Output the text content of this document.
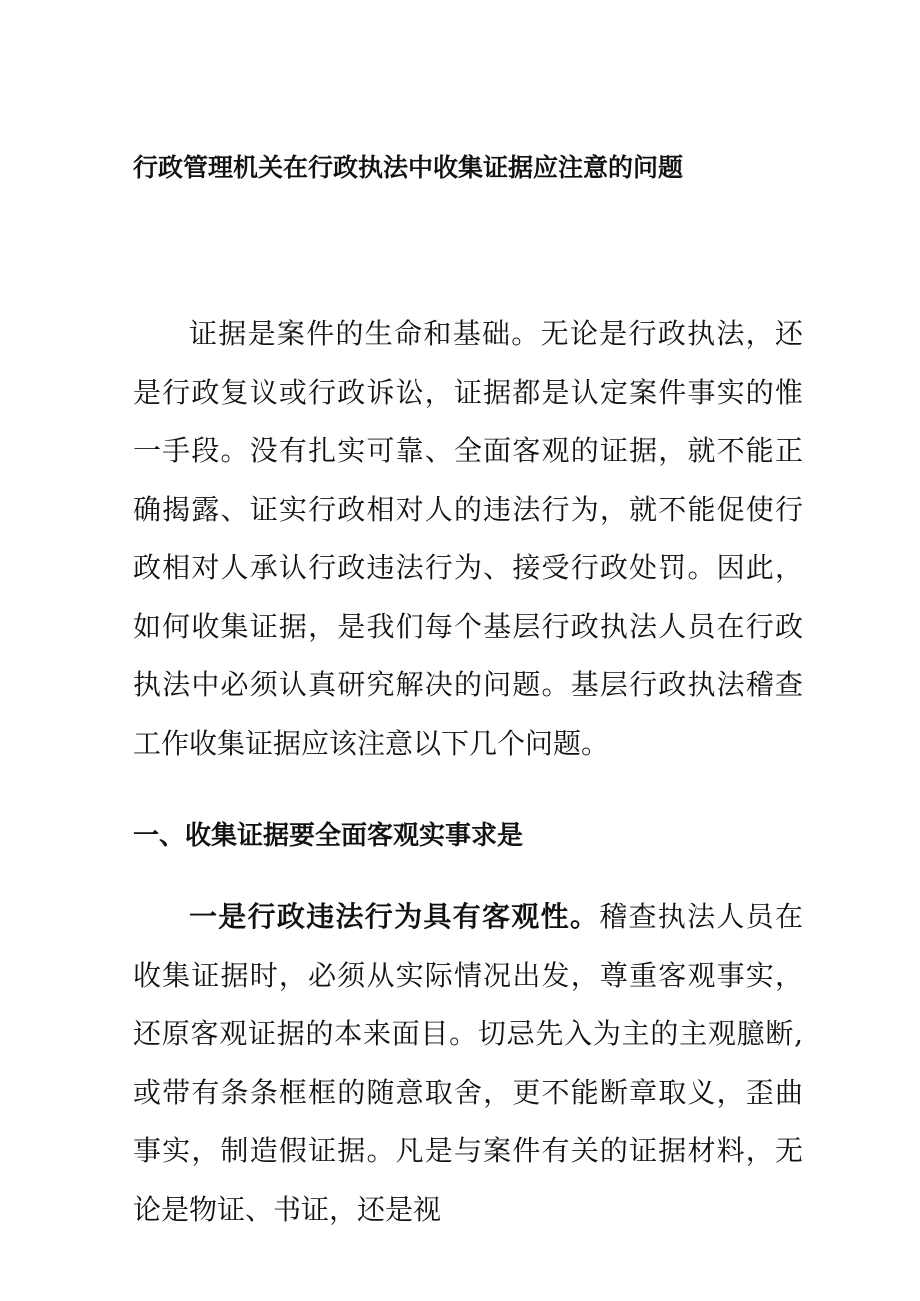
行政管理机关在行政执法中收集证据应注意的问题

证据是案件的生命和基础。无论是行政执法，还是行政复议或行政诉讼，证据都是认定案件事实的惟一手段。没有扎实可靠、全面客观的证据，就不能正确揭露、证实行政相对人的违法行为，就不能促使行政相对人承认行政违法行为、接受行政处罚。因此，如何收集证据，是我们每个基层行政执法人员在行政执法中必须认真研究解决的问题。基层行政执法稽查工作收集证据应该注意以下几个问题。

一、收集证据要全面客观实事求是

一是行政违法行为具有客观性。稽查执法人员在收集证据时，必须从实际情况出发，尊重客观事实，还原客观证据的本来面目。切忌先入为主的主观臆断,或带有条条框框的随意取舍，更不能断章取义，歪曲事实，制造假证据。凡是与案件有关的证据材料，无论是物证、书证，还是视
